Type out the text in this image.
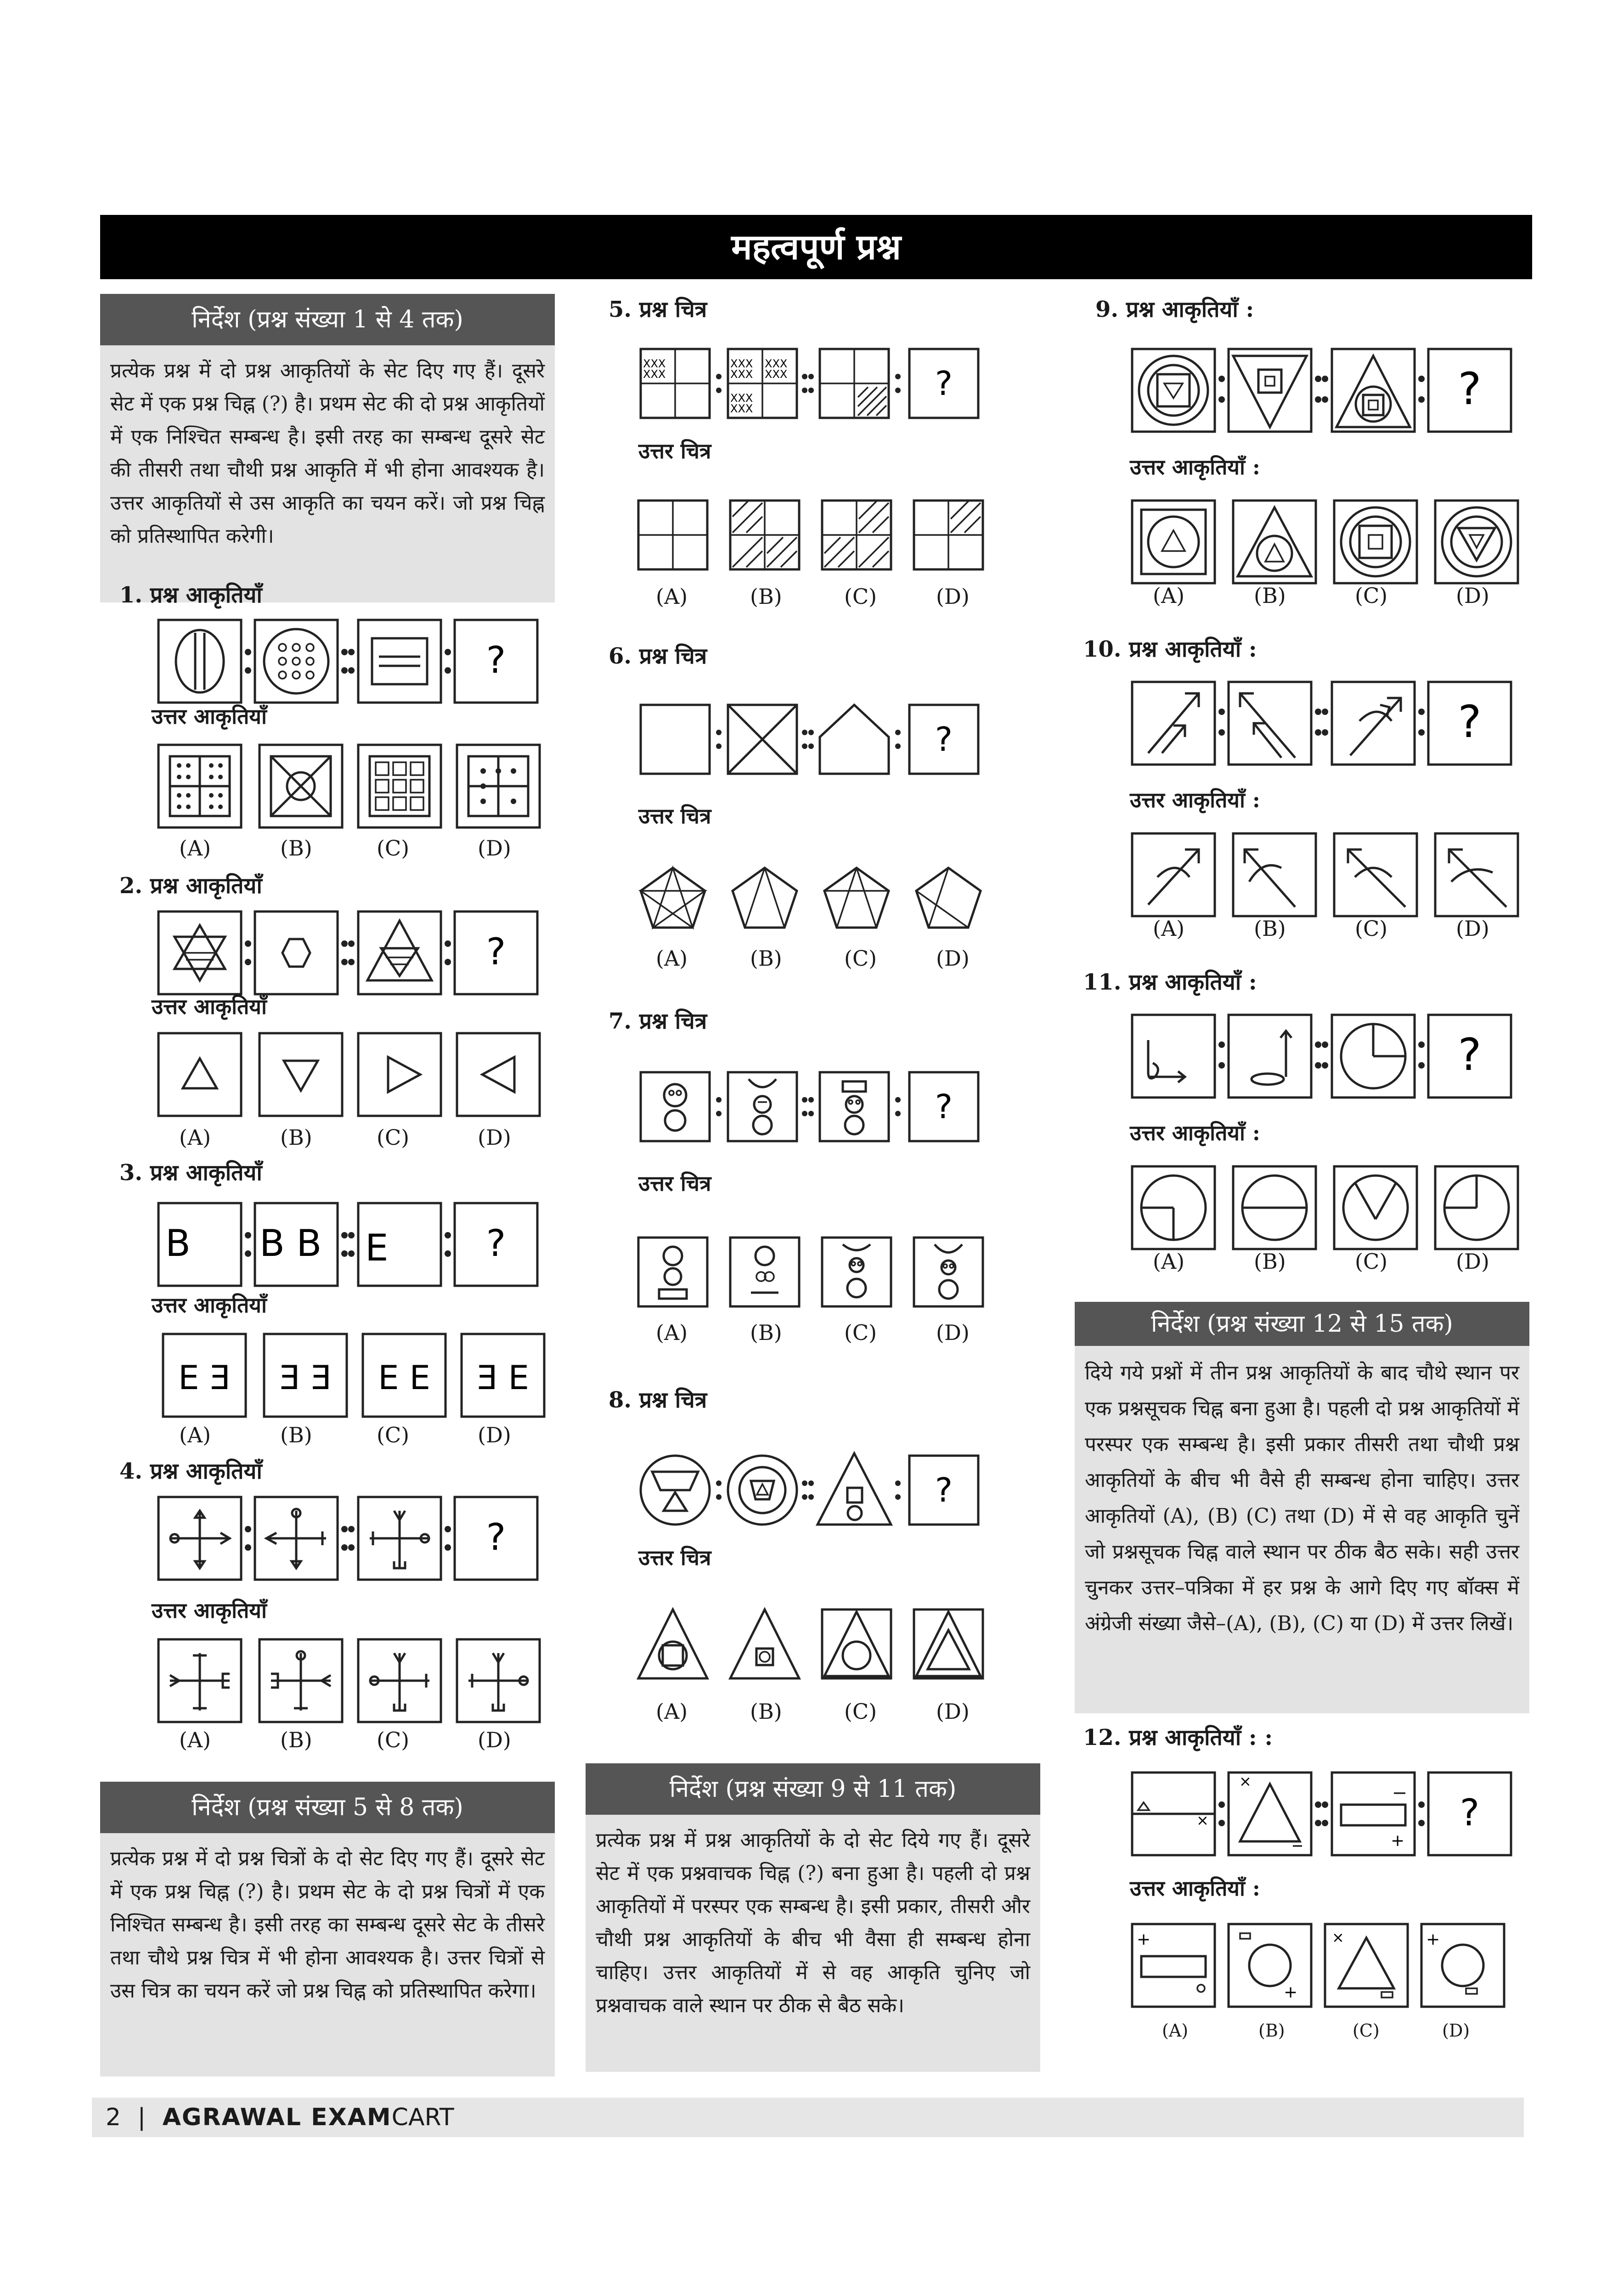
महत्वपूर्ण प्रश्न
निर्देश (प्रश्न संख्या 1 से 4 तक)
प्रत्येक प्रश्न में दो प्रश्न आकृतियों के सेट दिए गए हैं। दूसरे सेट में एक प्रश्न चिह्न (?) है। प्रथम सेट की दो प्रश्न आकृतियों में एक निश्चित सम्बन्ध है। इसी तरह का सम्बन्ध दूसरे सेट की तीसरी तथा चौथी प्रश्न आकृति में भी होना आवश्यक है। उत्तर आकृतियों से उस आकृति का चयन करें। जो प्रश्न चिह्न को प्रतिस्थापित करेगी।
1. प्रश्न आकृतियाँ
?
उत्तर आकृतियाँ
(A)	(B)	(C)	(D)
2. प्रश्न आकृतियाँ
?
उत्तर आकृतियाँ
(A)	(B)	(C)	(D)
3. प्रश्न आकृतियाँ
B B B E	?
उत्तर आकृतियाँ
E Ǝ Ǝ Ǝ E E Ǝ E
(A)	(B)	(C)	(D)
4. प्रश्न आकृतियाँ
?
उत्तर आकृतियाँ
(A)	(B)	(C)	(D)
निर्देश (प्रश्न संख्या 5 से 8 तक)
प्रत्येक प्रश्न में दो प्रश्न चित्रों के दो सेट दिए गए हैं। दूसरे सेट में एक प्रश्न चिह्न (?) है। प्रथम सेट के दो प्रश्न चित्रों में एक निश्चित सम्बन्ध है। इसी तरह का सम्बन्ध दूसरे सेट के तीसरे तथा चौथे प्रश्न चित्र में भी होना आवश्यक है। उत्तर चित्रों से उस चित्र का चयन करें जो प्रश्न चिह्न को प्रतिस्थापित करेगा।
5. प्रश्न चित्र
XXX
XXX
XXX
XXX
XXX
XXX
XXX
XXX
?
उत्तर चित्र
(A)	(B)	(C)	(D)
6. प्रश्न चित्र
?
उत्तर चित्र
(A)	(B)	(C)	(D)
7. प्रश्न चित्र
?
उत्तर चित्र
(A)	(B)	(C)	(D)
8. प्रश्न चित्र
?
उत्तर चित्र
(A)	(B)	(C)	(D)
निर्देश (प्रश्न संख्या 9 से 11 तक)
प्रत्येक प्रश्न में प्रश्न आकृतियों के दो सेट दिये गए हैं। दूसरे सेट में एक प्रश्नवाचक चिह्न (?) बना हुआ है। पहली दो प्रश्न आकृतियों में परस्पर एक सम्बन्ध है। इसी प्रकार, तीसरी और चौथी प्रश्न आकृतियों के बीच भी वैसा ही सम्बन्ध होना चाहिए। उत्तर आकृतियों में से वह आकृति चुनिए जो प्रश्नवाचक वाले स्थान पर ठीक से बैठ सके।
9. प्रश्न आकृतियाँ :
?
उत्तर आकृतियाँ :
(A)	(B)	(C)	(D)
10. प्रश्न आकृतियाँ :
?
उत्तर आकृतियाँ :
(A)	(B)	(C)	(D)
11. प्रश्न आकृतियाँ :
?
उत्तर आकृतियाँ :
(A)	(B)	(C)	(D)
निर्देश (प्रश्न संख्या 12 से 15 तक)
दिये गये प्रश्नों में तीन प्रश्न आकृतियों के बाद चौथे स्थान पर एक प्रश्नसूचक चिह्न बना हुआ है। पहली दो प्रश्न आकृतियों में परस्पर एक सम्बन्ध है। इसी प्रकार तीसरी तथा चौथी प्रश्न आकृतियों के बीच भी वैसे ही सम्बन्ध होना चाहिए। उत्तर आकृतियों (A), (B) (C) तथा (D) में से वह आकृति चुनें जो प्रश्नसूचक चिह्न वाले स्थान पर ठीक बैठ सके। सही उत्तर चुनकर उत्तर–पत्रिका में हर प्रश्न के आगे दिए गए बॉक्स में अंग्रेजी संख्या जैसे–(A), (B), (C) या (D) में उत्तर लिखें।
12. प्रश्न आकृतियाँ : :
×
×
+
?
उत्तर आकृतियाँ :
+
+
×	+
(A)	(B)	(C)	(D)
2 | AGRAWAL EXAMCART
